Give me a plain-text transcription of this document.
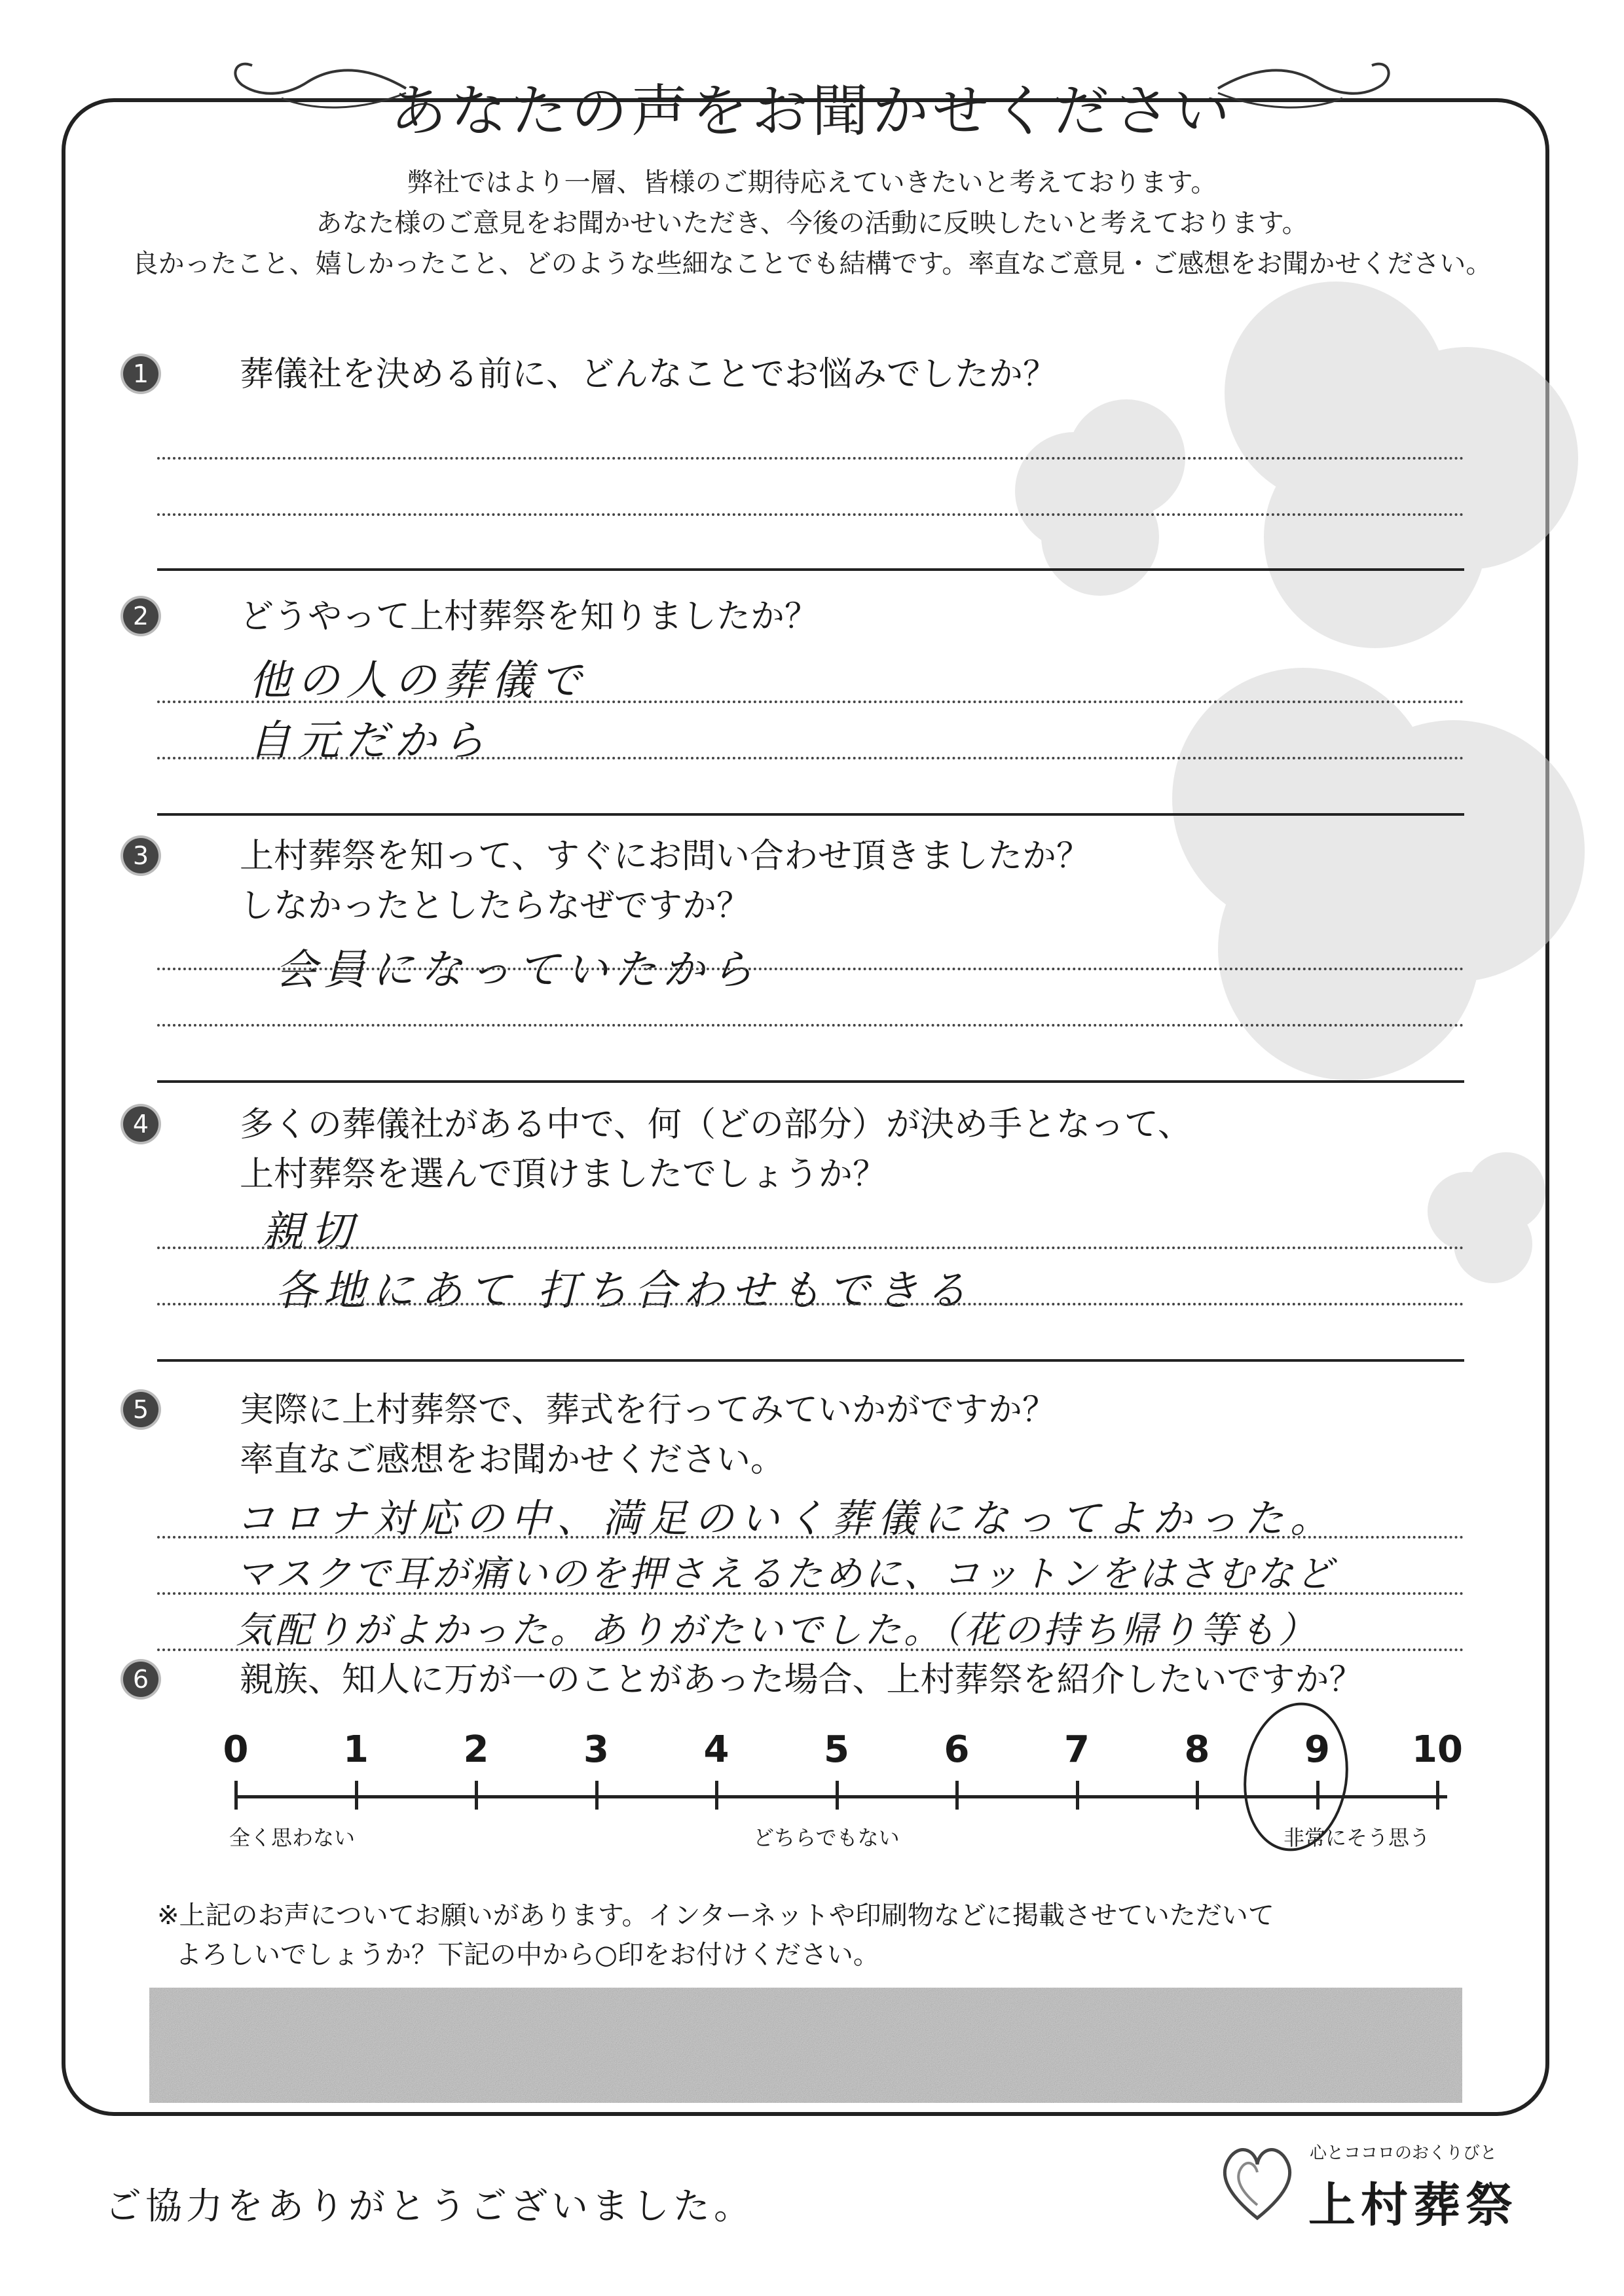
あなたの声をお聞かせください
弊社ではより一層、皆様のご期待応えていきたいと考えております。
あなた様のご意見をお聞かせいただき、今後の活動に反映したいと考えております。
良かったこと、嬉しかったこと、どのような些細なことでも結構です。率直なご意見・ご感想をお聞かせください。
1	葬儀社を決める前に、どんなことでお悩みでしたか？
2	どうやって上村葬祭を知りましたか？
他の人の葬儀で
自元だから
3	上村葬祭を知って、すぐにお問い合わせ頂きましたか？
しなかったとしたらなぜですか？
会員になっていたから
4	多くの葬儀社がある中で、何（どの部分）が決め手となって、
上村葬祭を選んで頂けましたでしょうか？
親切
各地にあて 打ち合わせもできる
5	実際に上村葬祭で、葬式を行ってみていかがですか？
率直なご感想をお聞かせください。
コロナ対応の中、満足のいく葬儀になってよかった。
マスクで耳が痛いのを押さえるために、コットンをはさむなど
気配りがよかった。ありがたいでした。（花の持ち帰り等も）
6	親族、知人に万が一のことがあった場合、上村葬祭を紹介したいですか？
0	1	2	3	4	5	6	7	8	9	10
全く思わない	どちらでもない	非常にそう思う
※上記のお声についてお願いがあります。インターネットや印刷物などに掲載させていただいて
よろしいでしょうか？下記の中から○印をお付けください。
ご協力をありがとうございました。
心とココロのおくりびと
上村葬祭
